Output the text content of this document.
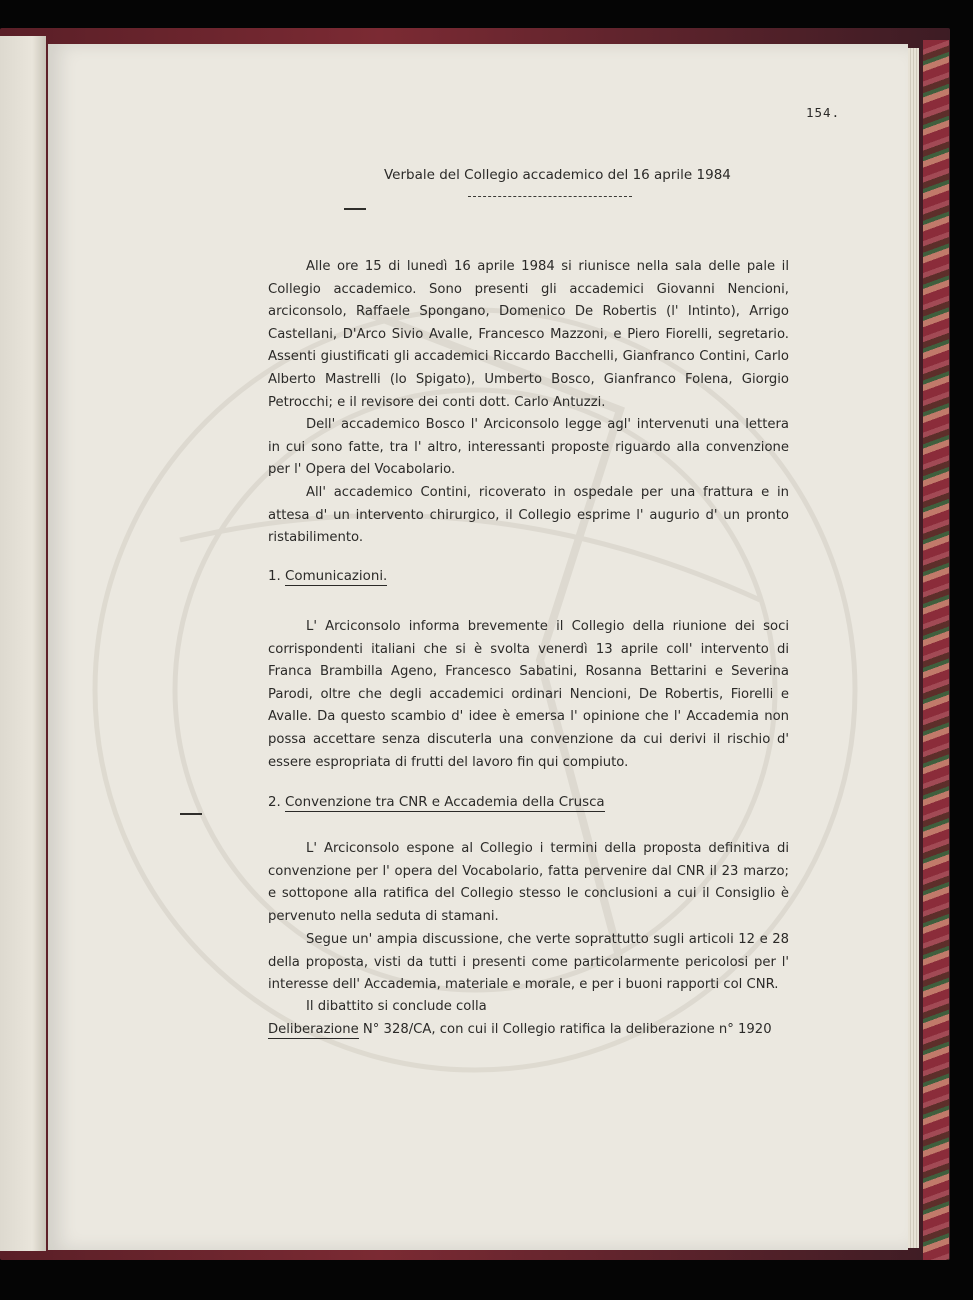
154.
Verbale del Collegio accademico del 16 aprile 1984

Alle ore 15 di lunedì 16 aprile 1984 si riunisce nella sala delle pale il Collegio accademico. Sono presenti gli accademici Giovanni Nencioni, arciconsolo, Raffaele Spongano, Domenico De Robertis (l' Intinto), Arrigo Castellani, D'Arco Sivio Avalle, Francesco Mazzoni, e Piero Fiorelli, segretario. Assenti giustificati gli accademici Riccardo Bacchelli, Gianfranco Contini, Carlo Alberto Mastrelli (lo Spigato), Umberto Bosco, Gianfranco Folena, Giorgio Petrocchi; e il revisore dei conti dott. Carlo Antuzzi.

Dell' accademico Bosco l' Arciconsolo legge agl' intervenuti una lettera in cui sono fatte, tra l' altro, interessanti proposte riguardo alla convenzione per l' Opera del Vocabolario.

All' accademico Contini, ricoverato in ospedale per una frattura e in attesa d' un intervento chirurgico, il Collegio esprime l' augurio d' un pronto ristabilimento.

1. Comunicazioni.

L' Arciconsolo informa brevemente il Collegio della riunione dei soci corrispondenti italiani che si è svolta venerdì 13 aprile coll' intervento di Franca Brambilla Ageno, Francesco Sabatini, Rosanna Bettarini e Severina Parodi, oltre che degli accademici ordinari Nencioni, De Robertis, Fiorelli e Avalle. Da questo scambio d' idee è emersa l' opinione che l' Accademia non possa accettare senza discuterla una convenzione da cui derivi il rischio d' essere espropriata di frutti del lavoro fin qui compiuto.

2. Convenzione tra CNR e Accademia della Crusca

L' Arciconsolo espone al Collegio i termini della proposta definitiva di convenzione per l' opera del Vocabolario, fatta pervenire dal CNR il 23 marzo; e sottopone alla ratifica del Collegio stesso le conclusioni a cui il Consiglio è pervenuto nella seduta di stamani.

Segue un' ampia discussione, che verte soprattutto sugli articoli 12 e 28 della proposta, visti da tutti i presenti come particolarmente pericolosi per l' interesse dell' Accademia, materiale e morale, e per i buoni rapporti col CNR.

Il dibattito si conclude colla

Deliberazione N° 328/CA, con cui il Collegio ratifica la deliberazione n° 1920
